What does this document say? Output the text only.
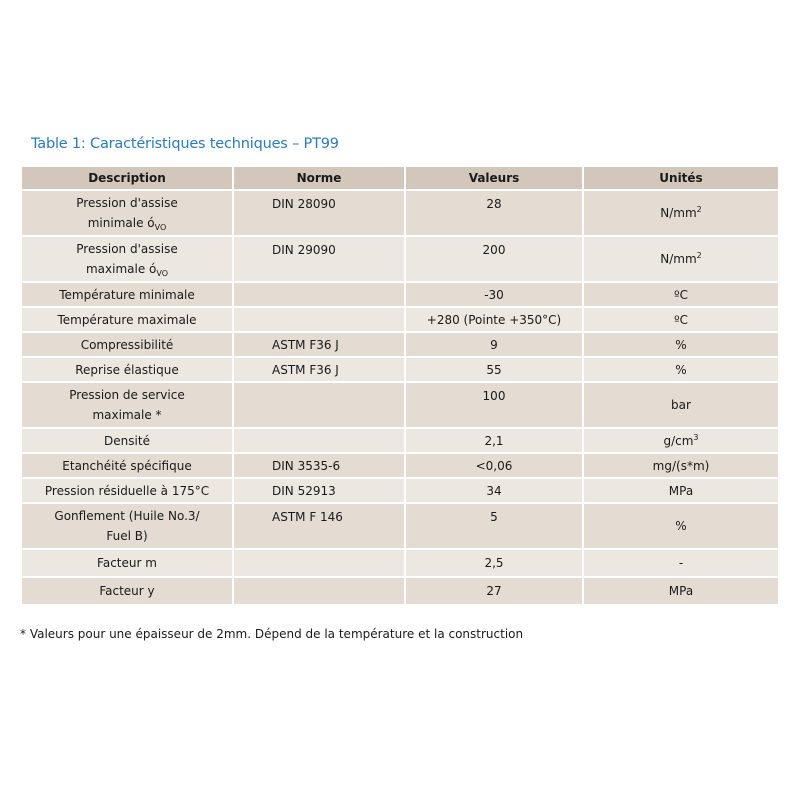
Table 1: Caractéristiques techniques – PT99
Description	Norme	Valeurs	Unités
Pression d'assise
minimale $ó_{VO}$	DIN 28090	28	$N/mm^2$
Pression d'assise
maximale $ó_{VO}$	DIN 29090	200	$N/mm^2$
Température minimale		-30	ºC
Température maximale		+280 (Pointe +350°C)	ºC
Compressibilité	ASTM F36 J	9	%
Reprise élastique	ASTM F36 J	55	%
Pression de service
maximale *		100	bar
Densité		2,1	$g/cm^3$
Etanchéité spécifique	DIN 3535-6	<0,06	mg/(s*m)
Pression résiduelle à 175°C	DIN 52913	34	MPa
Gonflement (Huile No.3/
Fuel B)	ASTM F 146	5	%
Facteur m		2,5	-
Facteur y		27	MPa
* Valeurs pour une épaisseur de 2mm. Dépend de la température et la construction
